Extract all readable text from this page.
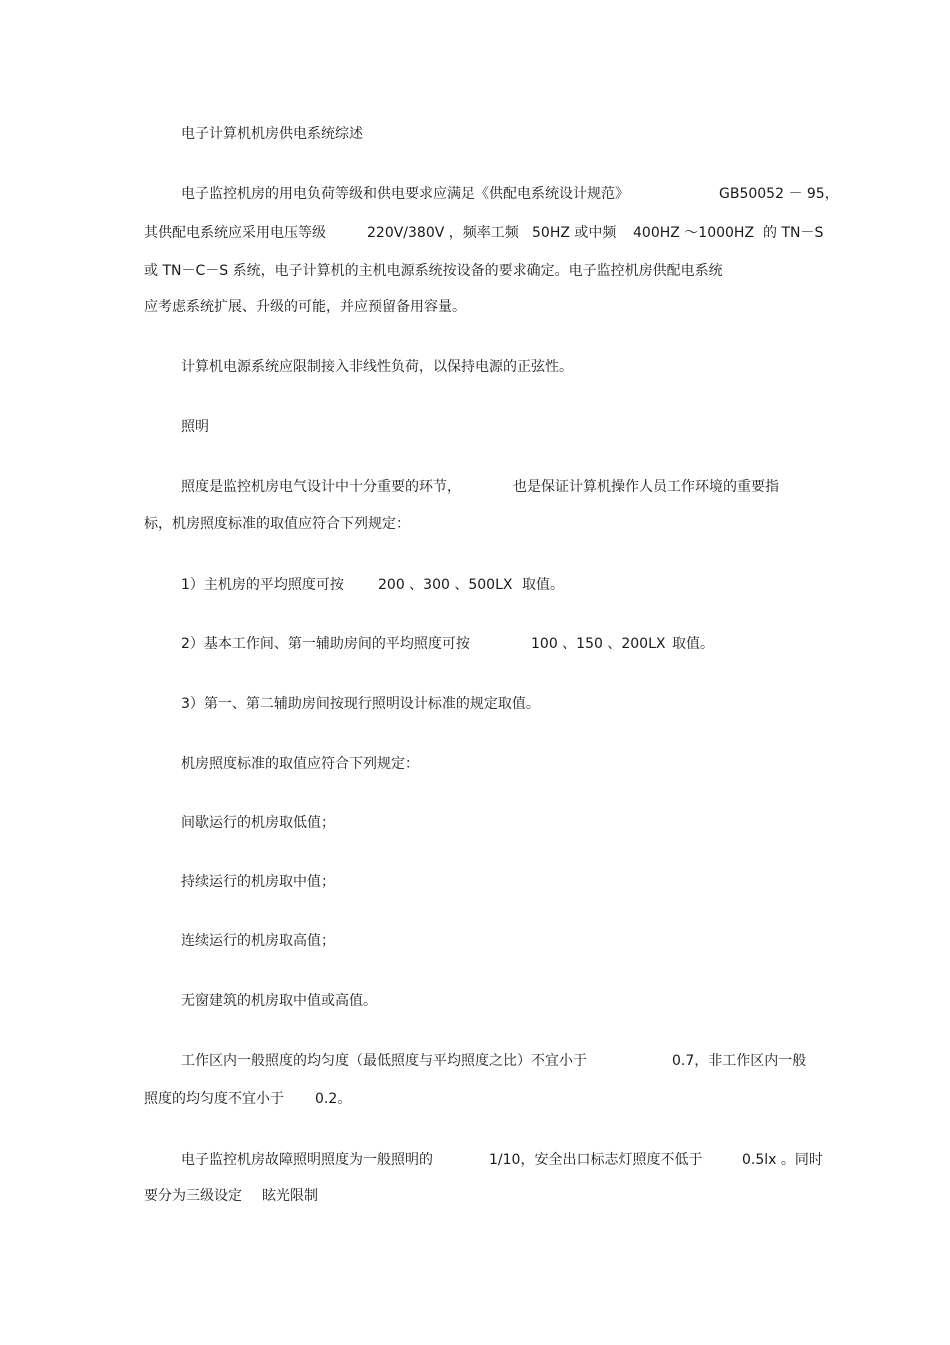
电子计算机机房供电系统综述
电子监控机房的用电负荷等级和供电要求应满足《供配电系统设计规范》	GB50052 － 95，
其供配电系统应采用电压等级	220V/380V ，频率工频 50HZ 或中频 400HZ ～1000HZ 的 TN－S
或 TN－C－S 系统，电子计算机的主机电源系统按设备的要求确定。电子监控机房供配电系统
应考虑系统扩展、升级的可能，并应预留备用容量。
计算机电源系统应限制接入非线性负荷，以保持电源的正弦性。
照明
照度是监控机房电气设计中十分重要的环节，	也是保证计算机操作人员工作环境的重要指
标，机房照度标准的取值应符合下列规定：
1）主机房的平均照度可按 200 、300 、500LX 取值。
2）基本工作间、第一辅助房间的平均照度可按	100 、150 、200LX 取值。
3）第一、第二辅助房间按现行照明设计标准的规定取值。
机房照度标准的取值应符合下列规定：
间歇运行的机房取低值；
持续运行的机房取中值；
连续运行的机房取高值；
无窗建筑的机房取中值或高值。
工作区内一般照度的均匀度（最低照度与平均照度之比）不宜小于	0.7，非工作区内一般
照度的均匀度不宜小于 0.2。
电子监控机房故障照明照度为一般照明的	1/10，安全出口标志灯照度不低于	0.5lx 。同时
要分为三级设定 眩光限制
